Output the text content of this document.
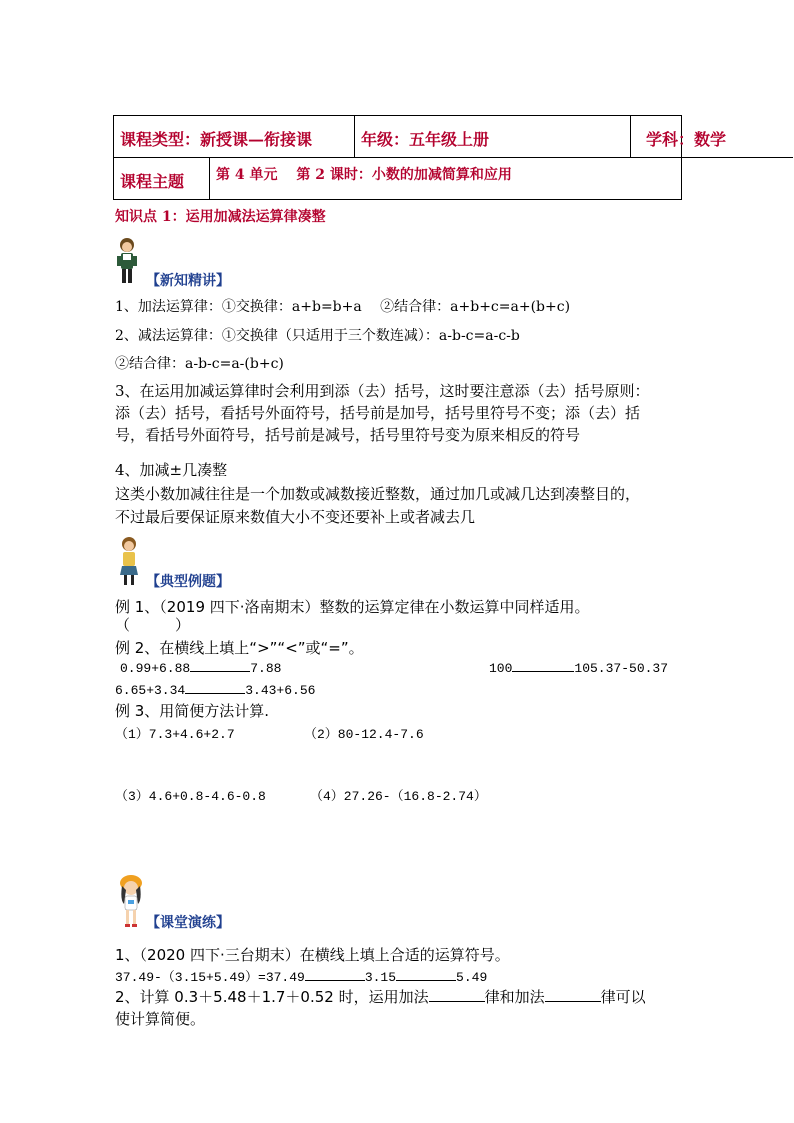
课程类型：新授课—衔接课	年级：五年级上册	学科：数学
课程主题 第 4 单元　 第 2 课时：小数的加减简算和应用
知识点 1：运用加减法运算律凑整
【新知精讲】
1、加法运算律：①交换律：a+b=b+a　 ②结合律：a+b+c=a+(b+c)
2、减法运算律：①交换律（只适用于三个数连减）：a-b-c=a-c-b
②结合律：a-b-c=a-(b+c)
3、在运用加减运算律时会利用到添（去）括号，这时要注意添（去）括号原则：
添（去）括号，看括号外面符号，括号前是加号，括号里符号不变；添（去）括
号，看括号外面符号，括号前是减号，括号里符号变为原来相反的符号
4、加减±几凑整
这类小数加减往往是一个加数或减数接近整数，通过加几或减几达到凑整目的，
不过最后要保证原来数值大小不变还要补上或者减去几
【典型例题】
例 1、（2019 四下·洛南期末）整数的运算定律在小数运算中同样适用。
（　　　）
例 2、在横线上填上“>”“<”或“=”。
0.99+6.88	7.88	100	105.37-50.37
6.65+3.34	3.43+6.56
例 3、用简便方法计算.
（1）7.3+4.6+2.7	（2）80-12.4-7.6
（3）4.6+0.8-4.6-0.8	（4）27.26-（16.8-2.74）
【课堂演练】
1、（2020 四下·三台期末）在横线上填上合适的运算符号。
37.49-（3.15+5.49）=37.49	3.15	5.49
2、计算 0.3＋5.48＋1.7＋0.52 时，运用加法	律和加法	律可以
使计算简便。
